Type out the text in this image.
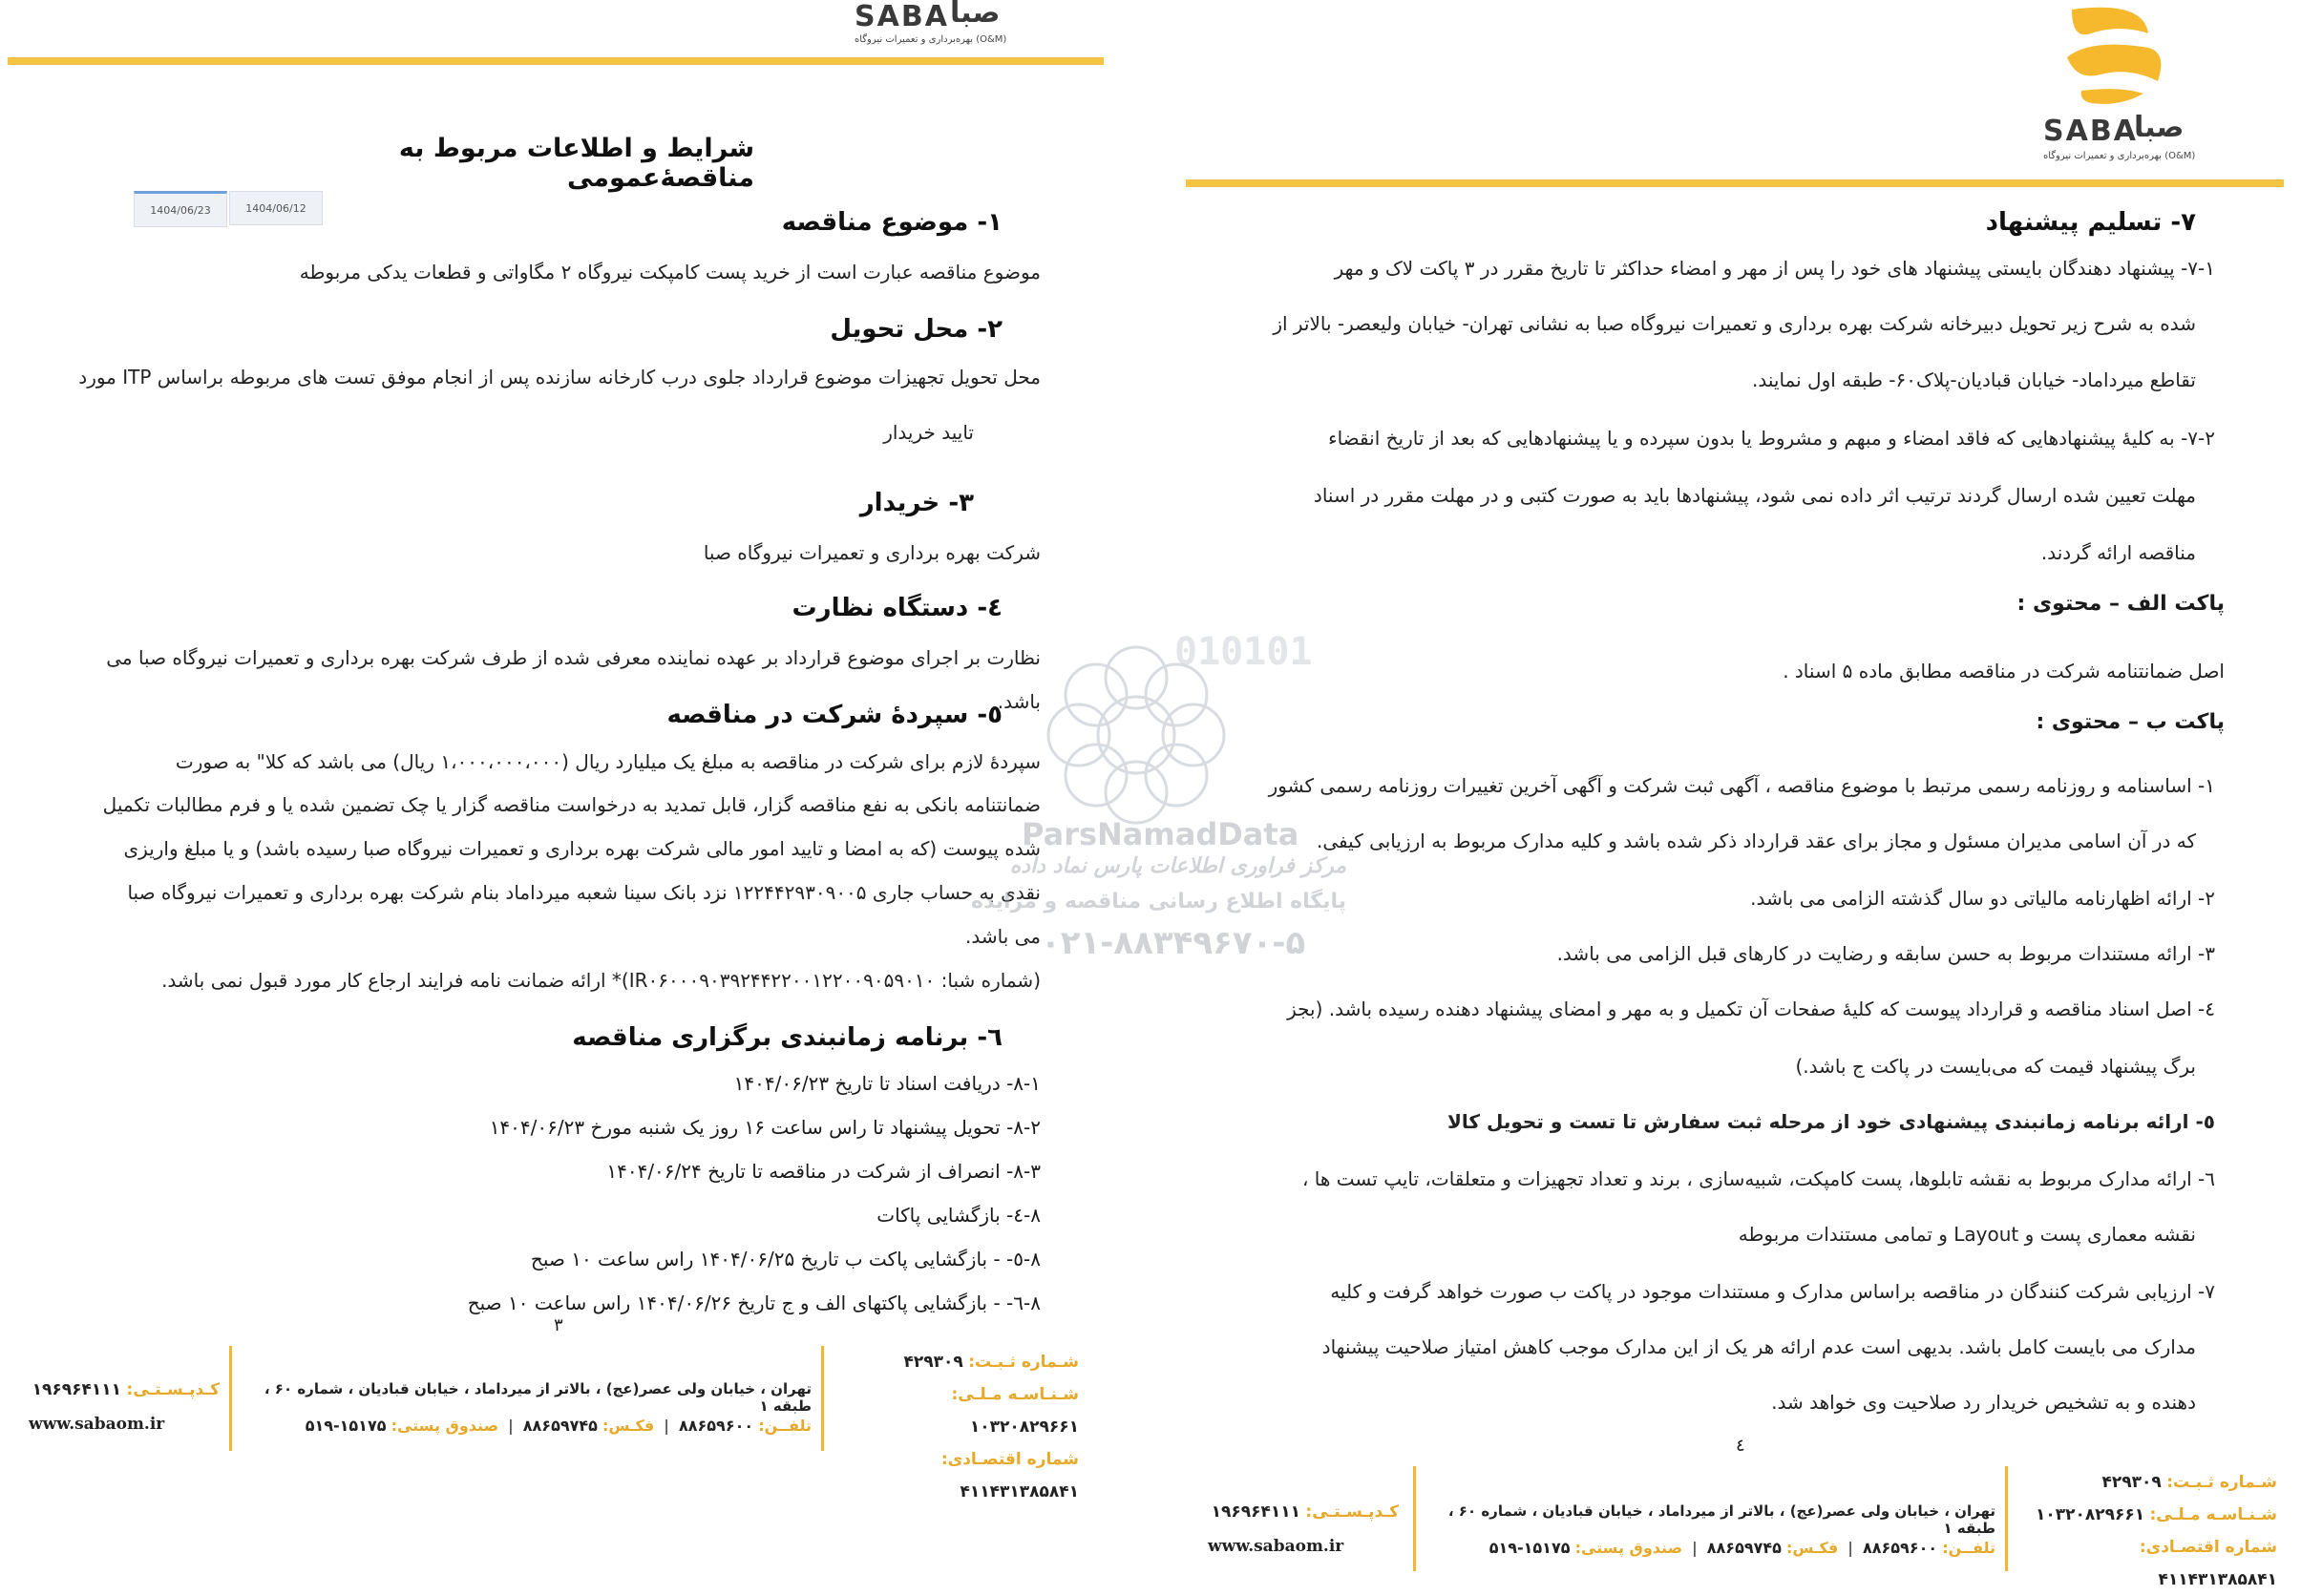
SABA صبا
بهره‌برداری و تعمیرات نیروگاه (O&M)
شرایط و اطلاعات مربوط به مناقصهٔ‌عمومی
1404/06/23	1404/06/12	۱- موضوع مناقصه
موضوع مناقصه عبارت است از خرید پست کامپکت نیروگاه ۲ مگاواتی و قطعات یدکی مربوطه
۲- محل تحویل
محل تحویل تجهیزات موضوع قرارداد جلوی درب کارخانه سازنده پس از انجام موفق تست های مربوطه براساس ITP مورد
تایید خریدار
۳- خریدار
شرکت بهره برداری و تعمیرات نیروگاه صبا
٤- دستگاه نظارت
نظارت بر اجرای موضوع قرارداد بر عهده نماینده معرفی شده از طرف شرکت بهره برداری و تعمیرات نیروگاه صبا می باشد.
٥- سپردهٔ شرکت در مناقصه
سپردهٔ لازم برای شرکت در مناقصه به مبلغ یک میلیارد ریال (۱،۰۰۰،۰۰۰،۰۰۰ ریال) می باشد که کلا" به صورت
ضمانتنامه بانکی به نفع مناقصه گزار، قابل تمدید به درخواست مناقصه گزار یا چک تضمین شده یا و فرم مطالبات تکمیل
شده پیوست (که به امضا و تایید امور مالی شرکت بهره برداری و تعمیرات نیروگاه صبا رسیده باشد) و یا مبلغ واریزی
نقدی به حساب جاری ۱۲۲۴۴۲۹۳۰۹۰۰۵ نزد بانک سینا شعبه میرداماد بنام شرکت بهره برداری و تعمیرات نیروگاه صبا
می باشد.
(شماره شبا: IR۰۶۰۰۰۹۰۳۹۲۴۴۲۲۰۰۱۲۲۰۰۹۰۵۹۰۱۰)* ارائه ضمانت نامه فرایند ارجاع کار مورد قبول نمی باشد.
٦- برنامه زمانبندی برگزاری مناقصه
۸-۱- دریافت اسناد تا تاریخ ۱۴۰۴/۰۶/۲۳
۸-۲- تحویل پیشنهاد تا راس ساعت ۱۶ روز یک شنبه مورخ ۱۴۰۴/۰۶/۲۳
۸-۳- انصراف از شرکت در مناقصه تا تاریخ ۱۴۰۴/۰۶/۲۴
۸-٤- بازگشایی پاکات
۸-٥- - بازگشایی پاکت ب تاریخ ۱۴۰۴/۰۶/۲۵ راس ساعت ۱۰ صبح
۸-٦- - بازگشایی پاکتهای الف و ج تاریخ ۱۴۰۴/۰۶/۲۶ راس ساعت ۱۰ صبح
۳
شـماره ثـبـت: ۴۲۹۳۰۹
شـنـاسـه مـلـی: ۱۰۳۲۰۸۲۹۶۶۱
شماره اقتصـادی: ۴۱۱۴۳۱۳۸۵۸۴۱
تهران ، خیابان ولی عصر(عج) ، بالاتر از میرداماد ، خیابان قبادیان ، شماره ۶۰ ، طبقه ۱
تلفــن: ۸۸۶۵۹۶۰۰  |  فکـس: ۸۸۶۵۹۷۴۵  |  صندوق پستی: ۱۵۱۷۵-۵۱۹
کـدپـسـتـی: ۱۹۶۹۶۴۱۱۱
www.sabaom.ir
010101
ParsNamadData
مرکز فراوری اطلاعات پارس نماد داده
پایگاه اطلاع رسانی مناقصه و مزایده
۰۲۱-۸۸۳۴۹۶۷۰-۵
SABA
صبا
بهره‌برداری و تعمیرات نیروگاه (O&M)
۷- تسلیم پیشنهاد
۷-۱- پیشنهاد دهندگان بایستی پیشنهاد های خود را پس از مهر و امضاء حداکثر تا تاریخ مقرر در ۳ پاکت لاک و مهر
شده به شرح زیر تحویل دبیرخانه شرکت بهره برداری و تعمیرات نیروگاه صبا به نشانی تهران- خیابان ولیعصر- بالاتر از
تقاطع میرداماد- خیابان قبادیان-پلاک۶۰- طبقه اول نمایند.
۷-۲- به کلیهٔ پیشنهادهایی که فاقد امضاء و مبهم و مشروط یا بدون سپرده و یا پیشنهادهایی که بعد از تاریخ انقضاء
مهلت تعیین شده ارسال گردند ترتیب اثر داده نمی شود، پیشنهادها باید به صورت کتبی و در مهلت مقرر در اسناد
مناقصه ارائه گردند.
پاکت الف – محتوی :
اصل ضمانتنامه شرکت در مناقصه مطابق ماده ۵ اسناد .
پاکت ب – محتوی :
۱- اساسنامه و روزنامه رسمی مرتبط با موضوع مناقصه ، آگهی ثبت شرکت و آگهی آخرین تغییرات روزنامه رسمی کشور
که در آن اسامی مدیران مسئول و مجاز برای عقد قرارداد ذکر شده باشد و کلیه مدارک مربوط به ارزیابی کیفی.
۲- ارائه اظهارنامه مالیاتی دو سال گذشته الزامی می باشد.
۳- ارائه مستندات مربوط به حسن سابقه و رضایت در کارهای قبل الزامی می باشد.
٤- اصل اسناد مناقصه و قرارداد پیوست که کلیهٔ صفحات آن تکمیل و به مهر و امضای پیشنهاد دهنده رسیده باشد. (بجز
برگ پیشنهاد قیمت که می‌بایست در پاکت ج باشد.)
٥- ارائه برنامه زمانبندی پیشنهادی خود از مرحله ثبت سفارش تا تست و تحویل کالا
٦- ارائه مدارک مربوط به نقشه تابلوها، پست کامپکت، شبیه‌سازی ، برند و تعداد تجهیزات و متعلقات، تایپ تست ها ،
نقشه معماری پست و Layout و تمامی مستندات مربوطه
۷- ارزیابی شرکت کنندگان در مناقصه براساس مدارک و مستندات موجود در پاکت ب صورت خواهد گرفت و کلیه
مدارک می بایست کامل باشد. بدیهی است عدم ارائه هر یک از این مدارک موجب کاهش امتیاز صلاحیت پیشنهاد
دهنده و به تشخیص خریدار رد صلاحیت وی خواهد شد.
٤
شـماره ثـبـت: ۴۲۹۳۰۹
شـنـاسـه مـلـی: ۱۰۳۲۰۸۲۹۶۶۱
شماره اقتصـادی: ۴۱۱۴۳۱۳۸۵۸۴۱
تهران ، خیابان ولی عصر(عج) ، بالاتر از میرداماد ، خیابان قبادیان ، شماره ۶۰ ، طبقه ۱
تلفــن: ۸۸۶۵۹۶۰۰  |  فکـس: ۸۸۶۵۹۷۴۵  |  صندوق پستی: ۱۵۱۷۵-۵۱۹
کـدپـسـتـی: ۱۹۶۹۶۴۱۱۱
www.sabaom.ir
